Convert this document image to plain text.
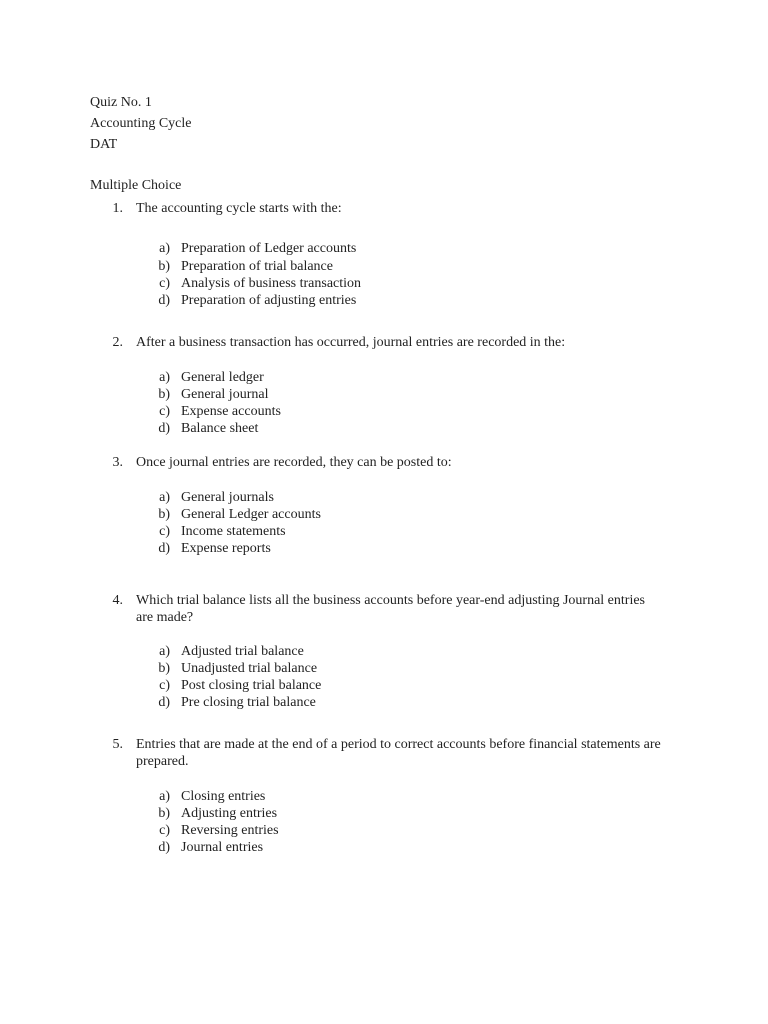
Quiz No. 1
Accounting Cycle
DAT
Multiple Choice
1. The accounting cycle starts with the:
a) Preparation of Ledger accounts
b) Preparation of trial balance
c) Analysis of business transaction
d) Preparation of adjusting entries
2. After a business transaction has occurred, journal entries are recorded in the:
a) General ledger
b) General journal
c) Expense accounts
d) Balance sheet
3. Once journal entries are recorded, they can be posted to:
a) General journals
b) General Ledger accounts
c) Income statements
d) Expense reports
4. Which trial balance lists all the business accounts before year-end adjusting Journal entries
are made?
a) Adjusted trial balance
b) Unadjusted trial balance
c) Post closing trial balance
d) Pre closing trial balance
5. Entries that are made at the end of a period to correct accounts before financial statements are
prepared.
a) Closing entries
b) Adjusting entries
c) Reversing entries
d) Journal entries
